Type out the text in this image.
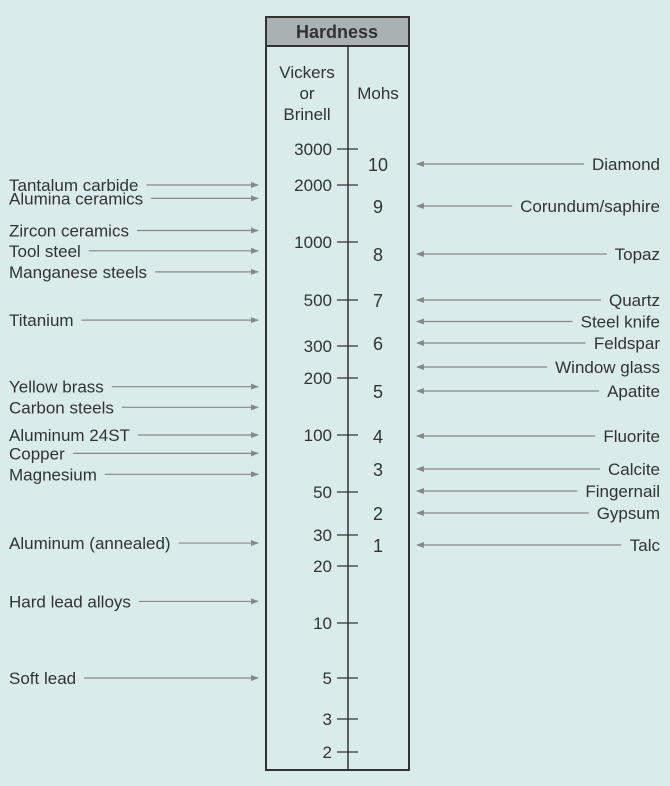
Hardness
Vickers
or
Brinell
Mohs
3000
2000
1000
500
300
200
100
50
30
20
10
5
3
2
10
9
8
7
6
5
4
3
2
1
Tantalum carbide
Alumina ceramics
Zircon ceramics
Tool steel
Manganese steels
Titanium
Yellow brass
Carbon steels
Aluminum 24ST
Copper
Magnesium
Aluminum (annealed)
Hard lead alloys
Soft lead
Diamond
Corundum/saphire
Topaz
Quartz
Steel knife
Feldspar
Window glass
Apatite
Fluorite
Calcite
Fingernail
Gypsum
Talc
